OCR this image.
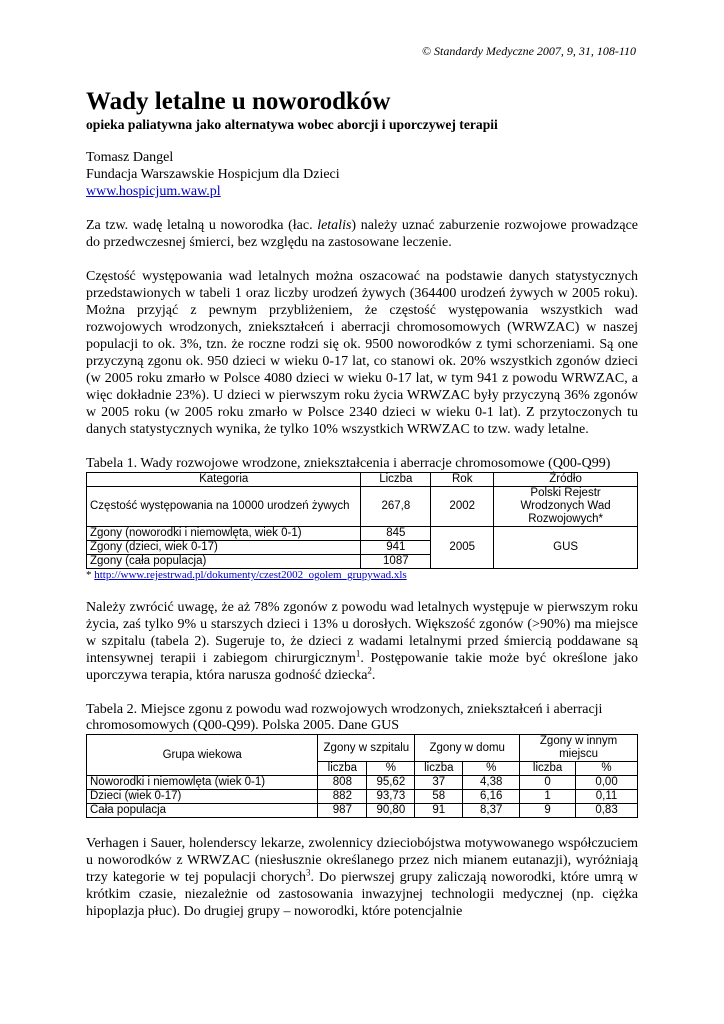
© Standardy Medyczne 2007, 9, 31, 108-110
Wady letalne u noworodków
opieka paliatywna jako alternatywa wobec aborcji i uporczywej terapii
Tomasz Dangel
Fundacja Warszawskie Hospicjum dla Dzieci
www.hospicjum.waw.pl

Za tzw. wadę letalną u noworodka (łac. letalis) należy uznać zaburzenie rozwojowe prowadzące do przedwczesnej śmierci, bez względu na zastosowane leczenie.

Częstość występowania wad letalnych można oszacować na podstawie danych statystycznych przedstawionych w tabeli 1 oraz liczby urodzeń żywych (364400 urodzeń żywych w 2005 roku). Można przyjąć z pewnym przybliżeniem, że częstość występowania wszystkich wad rozwojowych wrodzonych, zniekształceń i aberracji chromosomowych (WRWZAC) w naszej populacji to ok. 3%, tzn. że roczne rodzi się ok. 9500 noworodków z tymi schorzeniami. Są one przyczyną zgonu ok. 950 dzieci w wieku 0-17 lat, co stanowi ok. 20% wszystkich zgonów dzieci (w 2005 roku zmarło w Polsce 4080 dzieci w wieku 0-17 lat, w tym 941 z powodu WRWZAC, a więc dokładnie 23%). U dzieci w pierwszym roku życia WRWZAC były przyczyną 36% zgonów w 2005 roku (w 2005 roku zmarło w Polsce 2340 dzieci w wieku 0-1 lat). Z przytoczonych tu danych statystycznych wynika, że tylko 10% wszystkich WRWZAC to tzw. wady letalne.

Tabela 1. Wady rozwojowe wrodzone, zniekształcenia i aberracje chromosomowe (Q00-Q99)
Kategoria	Liczba	Rok	Źródło
Częstość występowania na 10000 urodzeń żywych	267,8	2002	Polski Rejestr Wrodzonych Wad Rozwojowych*
Zgony (noworodki i niemowlęta, wiek 0-1)	845	2005	GUS
Zgony (dzieci, wiek 0-17)	941		
Zgony (cała populacja)	1087		
* http://www.rejestrwad.pl/dokumenty/czest2002_ogolem_grupywad.xls

Należy zwrócić uwagę, że aż 78% zgonów z powodu wad letalnych występuje w pierwszym roku życia, zaś tylko 9% u starszych dzieci i 13% u dorosłych. Większość zgonów (>90%) ma miejsce w szpitalu (tabela 2). Sugeruje to, że dzieci z wadami letalnymi przed śmiercią poddawane są intensywnej terapii i zabiegom chirurgicznym$^1$. Postępowanie takie może być określone jako uporczywa terapia, która narusza godność dziecka$^2$.

Tabela 2. Miejsce zgonu z powodu wad rozwojowych wrodzonych, zniekształceń i aberracji chromosomowych (Q00-Q99). Polska 2005. Dane GUS
Grupa wiekowa	Zgony w szpitalu		Zgony w domu		Zgony w innym miejscu	
	liczba	%	liczba	%	liczba	%
Noworodki i niemowlęta (wiek 0-1)	808	95,62	37	4,38	0	0,00
Dzieci (wiek 0-17)	882	93,73	58	6,16	1	0,11
Cała populacja	987	90,80	91	8,37	9	0,83

Verhagen i Sauer, holenderscy lekarze, zwolennicy dzieciobójstwa motywowanego współczuciem u noworodków z WRWZAC (niesłusznie określanego przez nich mianem eutanazji), wyróżniają trzy kategorie w tej populacji chorych$^3$. Do pierwszej grupy zaliczają noworodki, które umrą w krótkim czasie, niezależnie od zastosowania inwazyjnej technologii medycznej (np. ciężka hipoplazja płuc). Do drugiej grupy – noworodki, które potencjalnie
